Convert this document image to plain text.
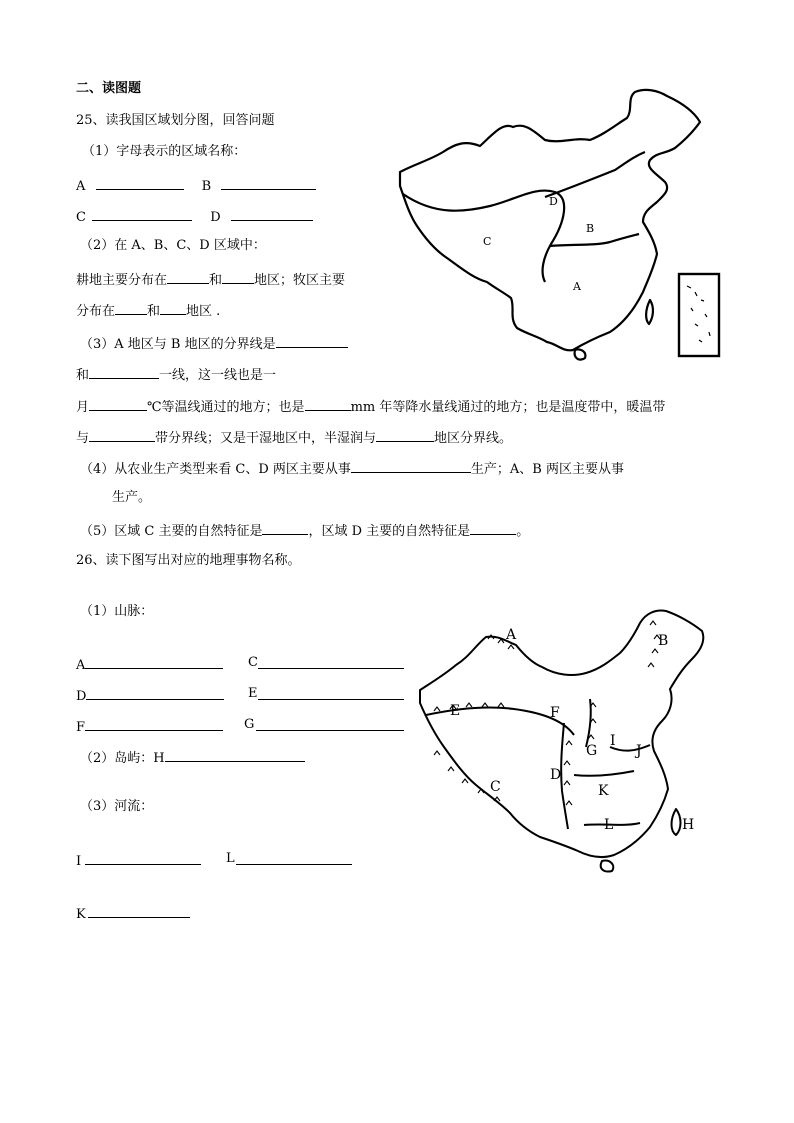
二、读图题
25、读我国区域划分图，回答问题
（1）字母表示的区域名称：
A	B
C	D
（2）在 A、B、C、D 区域中：
耕地主要分布在	和 地区；牧区主要
分布在 和 地区 .
（3）A 地区与 B 地区的分界线是
和	一线，这一线也是一
月	℃等温线通过的地方；也是	mm 年等降水量线通过的地方；也是温度带中，暖温带
与	带分界线；又是干湿地区中，半湿润与	地区分界线。
（4）从农业生产类型来看 C、D 两区主要从事	生产；A、B 两区主要从事
生产。
（5）区域 C 主要的自然特征是	，区域 D 主要的自然特征是	。
26、读下图写出对应的地理事物名称。
（1）山脉：
A	C
D	E
F	G
（2）岛屿：H
（3）河流：
I	L
K
D
B
C
A
A	B
C
D
E	F
G
H
I
J
K
L
